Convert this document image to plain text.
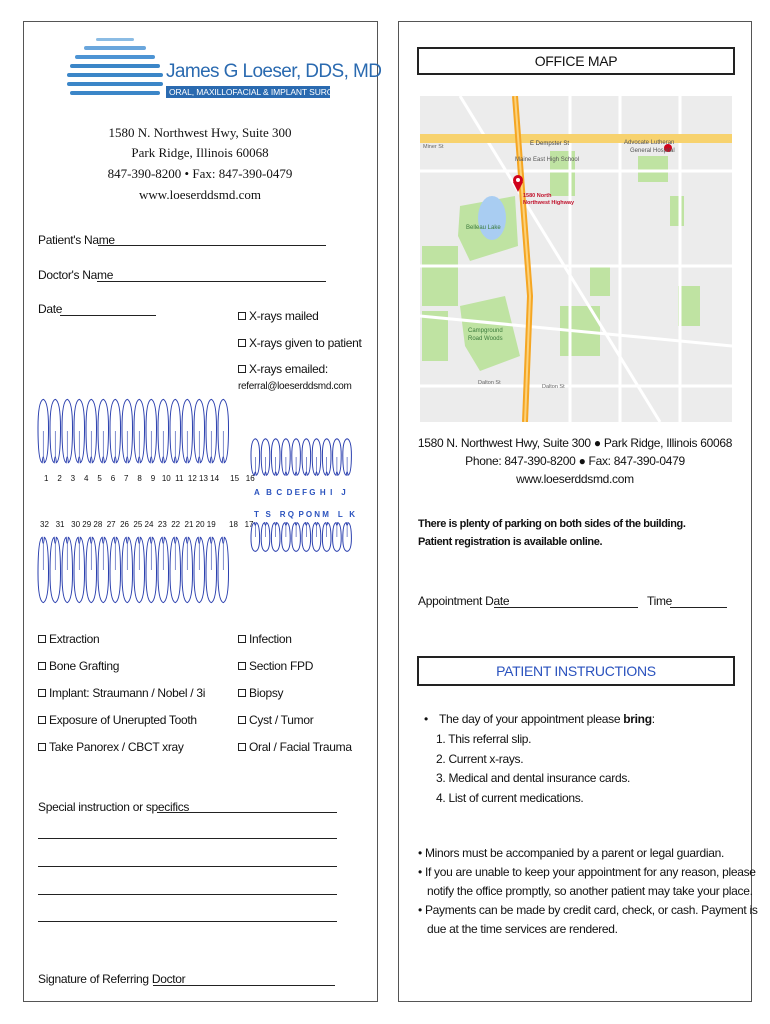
James G Loeser, DDS, MD
ORAL, MAXILLOFACIAL & IMPLANT SURGERY
1580 N. Northwest Hwy, Suite 300
Park Ridge, Illinois 60068
847-390-8200 • Fax: 847-390-0479
www.loeserddsmd.com
Patient's Name
Doctor's Name
Date	X-rays mailed
X-rays given to patient
X-rays emailed:
referral@loeserddsmd.com
1    2    3    4    5    6    7    8    9   10  11  12 13 14     15   16
A   B  C  D E F G  H  I    J
32   31   30 29 28  27  26  25 24  23  22  21 20 19      18   17
T   S    R Q  P O N M    L   K
Extraction
Bone Grafting
Implant: Straumann / Nobel / 3i
Exposure of Unerupted Tooth
Take Panorex / CBCT xray
Infection
Section FPD
Biopsy
Cyst / Tumor
Oral / Facial Trauma
Special instruction or specifics
Signature of Referring Doctor
OFFICE MAP
E Dempster St
Maine East High School
Advocate Lutheran
General Hospital
1580 North
Northwest Highway
Belleau Lake
Campground
Road Woods
Dalton St
Dalton St
Miner St
1580 N. Northwest Hwy, Suite 300 ● Park Ridge, Illinois 60068
Phone: 847-390-8200 ● Fax: 847-390-0479
www.loeserddsmd.com
There is plenty of parking on both sides of the building.
Patient registration is available online.
Appointment Date	Time
PATIENT INSTRUCTIONS
• The day of your appointment please bring:
1. This referral slip.
2. Current x-rays.
3. Medical and dental insurance cards.
4. List of current medications.
• Minors must be accompanied by a parent or legal guardian.
• If you are unable to keep your appointment for any reason, please
notify the office promptly, so another patient may take your place.
• Payments can be made by credit card, check, or cash. Payment is
due at the time services are rendered.
